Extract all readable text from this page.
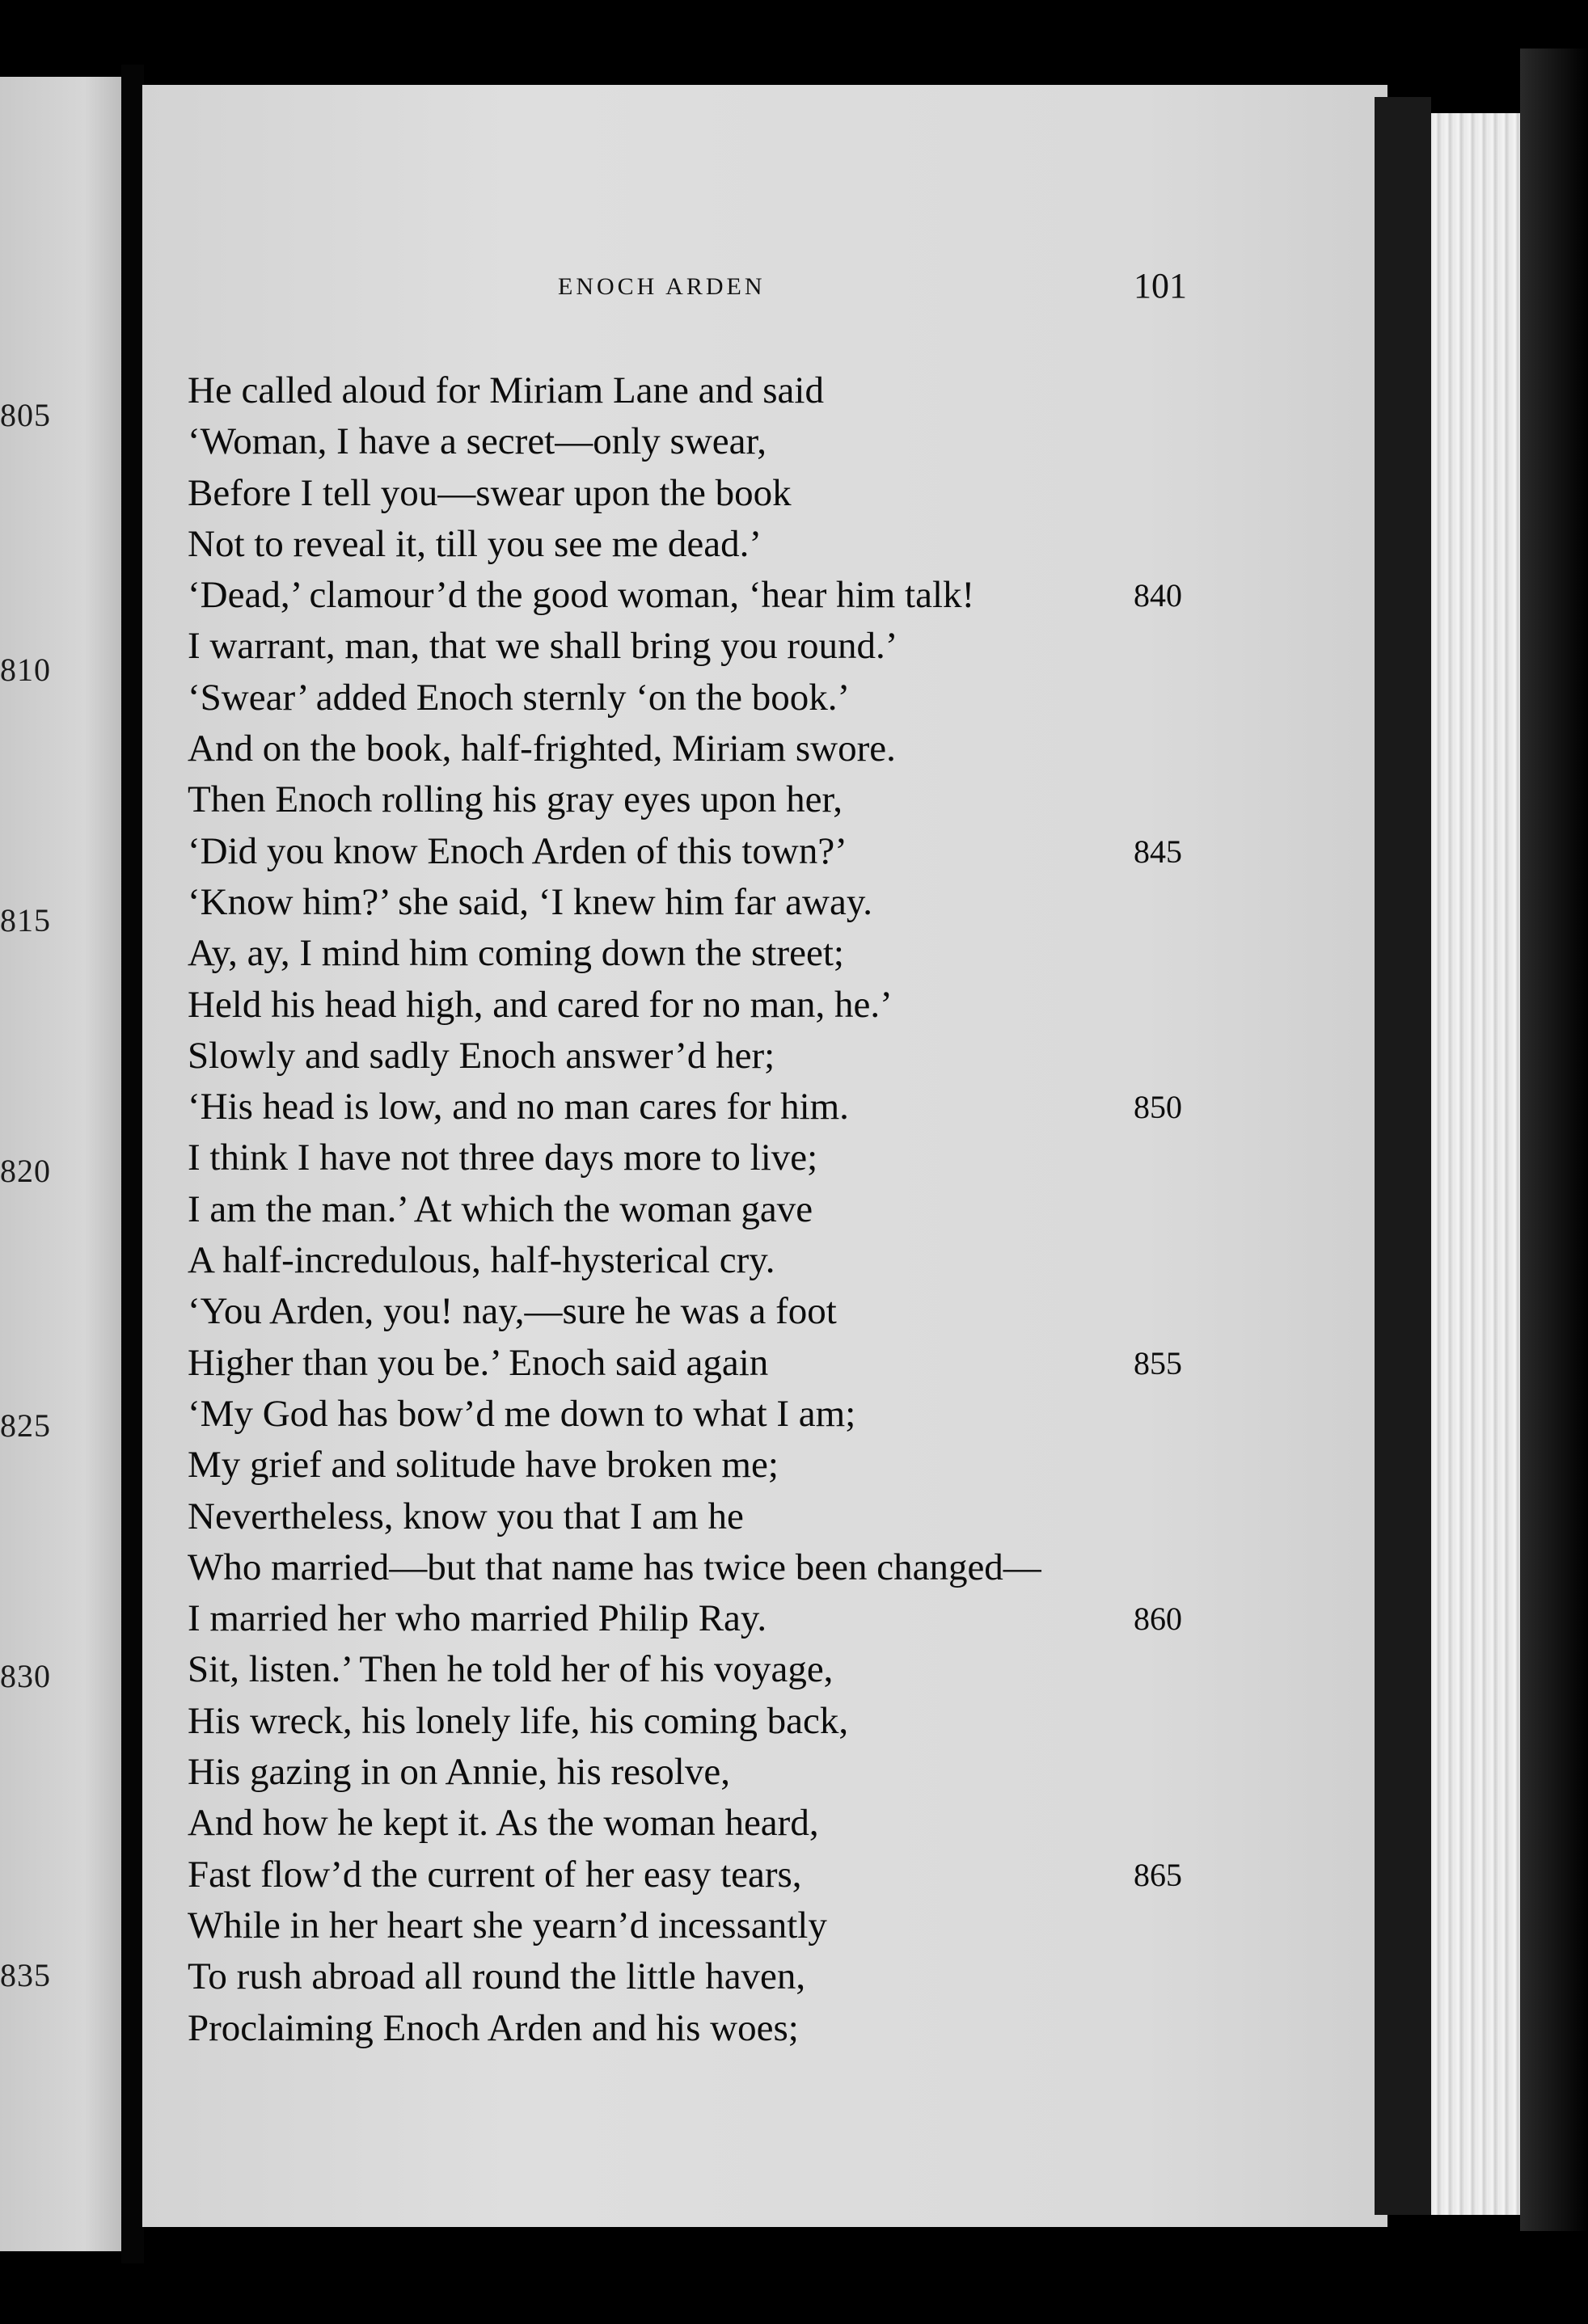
805
810
815
820
825
830
835
ENOCH ARDEN	101
He called aloud for Miriam Lane and said
‘Woman, I have a secret—only swear,
Before I tell you—swear upon the book
Not to reveal it, till you see me dead.’
‘Dead,’ clamour’d the good woman, ‘hear him talk!	840
I warrant, man, that we shall bring you round.’
‘Swear’ added Enoch sternly ‘on the book.’
And on the book, half-frighted, Miriam swore.
Then Enoch rolling his gray eyes upon her,
‘Did you know Enoch Arden of this town?’	845
‘Know him?’ she said, ‘I knew him far away.
Ay, ay, I mind him coming down the street;
Held his head high, and cared for no man, he.’
Slowly and sadly Enoch answer’d her;
‘His head is low, and no man cares for him.	850
I think I have not three days more to live;
I am the man.’ At which the woman gave
A half-incredulous, half-hysterical cry.
‘You Arden, you! nay,—sure he was a foot
Higher than you be.’ Enoch said again	855
‘My God has bow’d me down to what I am;
My grief and solitude have broken me;
Nevertheless, know you that I am he
Who married—but that name has twice been changed—
I married her who married Philip Ray.	860
Sit, listen.’ Then he told her of his voyage,
His wreck, his lonely life, his coming back,
His gazing in on Annie, his resolve,
And how he kept it. As the woman heard,
Fast flow’d the current of her easy tears,	865
While in her heart she yearn’d incessantly
To rush abroad all round the little haven,
Proclaiming Enoch Arden and his woes;
